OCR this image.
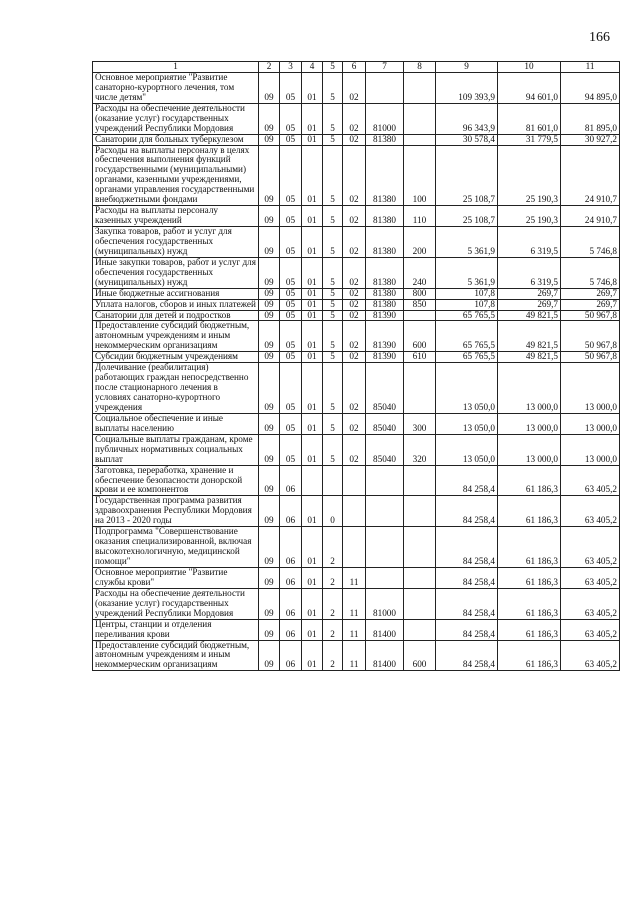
166
1	2	3	4	5	6	7	8	9	10	11
Основное мероприятие "Развитие санаторно-курортного лечения, том числе детям"	09	05	01	5	02			109 393,9	94 601,0	94 895,0
Расходы на обеспечение деятельности (оказание услуг) государственных учреждений Республики Мордовия	09	05	01	5	02	81000		96 343,9	81 601,0	81 895,0
Санатории для больных туберкулезом	09	05	01	5	02	81380		30 578,4	31 779,5	30 927,2
Расходы на выплаты персоналу в целях обеспечения выполнения функций государственными (муниципальными) органами, казенными учреждениями, органами управления государственными внебюджетными фондами	09	05	01	5	02	81380	100	25 108,7	25 190,3	24 910,7
Расходы на выплаты персоналу казенных учреждений	09	05	01	5	02	81380	110	25 108,7	25 190,3	24 910,7
Закупка товаров, работ и услуг для обеспечения государственных (муниципальных) нужд	09	05	01	5	02	81380	200	5 361,9	6 319,5	5 746,8
Иные закупки товаров, работ и услуг для обеспечения государственных (муниципальных) нужд	09	05	01	5	02	81380	240	5 361,9	6 319,5	5 746,8
Иные бюджетные ассигнования	09	05	01	5	02	81380	800	107,8	269,7	269,7
Уплата налогов, сборов и иных платежей	09	05	01	5	02	81380	850	107,8	269,7	269,7
Санатории для детей и подростков	09	05	01	5	02	81390		65 765,5	49 821,5	50 967,8
Предоставление субсидий бюджетным, автономным учреждениям и иным некоммерческим организациям	09	05	01	5	02	81390	600	65 765,5	49 821,5	50 967,8
Субсидии бюджетным учреждениям	09	05	01	5	02	81390	610	65 765,5	49 821,5	50 967,8
Долечивание (реабилитация) работающих граждан непосредственно после стационарного лечения в условиях санаторно-курортного учреждения	09	05	01	5	02	85040		13 050,0	13 000,0	13 000,0
Социальное обеспечение и иные выплаты населению	09	05	01	5	02	85040	300	13 050,0	13 000,0	13 000,0
Социальные выплаты гражданам, кроме публичных нормативных социальных выплат	09	05	01	5	02	85040	320	13 050,0	13 000,0	13 000,0
Заготовка, переработка, хранение и обеспечение безопасности донорской крови и ее компонентов	09	06						84 258,4	61 186,3	63 405,2
Государственная программа развития здравоохранения Республики Мордовия на 2013 - 2020 годы	09	06	01	0				84 258,4	61 186,3	63 405,2
Подпрограмма "Совершенствование оказания специализированной, включая высокотехнологичную, медицинской помощи"	09	06	01	2				84 258,4	61 186,3	63 405,2
Основное мероприятие "Развитие службы крови"	09	06	01	2	11			84 258,4	61 186,3	63 405,2
Расходы на обеспечение деятельности (оказание услуг) государственных учреждений Республики Мордовия	09	06	01	2	11	81000		84 258,4	61 186,3	63 405,2
Центры, станции и отделения переливания крови	09	06	01	2	11	81400		84 258,4	61 186,3	63 405,2
Предоставление субсидий бюджетным, автономным учреждениям и иным некоммерческим организациям	09	06	01	2	11	81400	600	84 258,4	61 186,3	63 405,2
